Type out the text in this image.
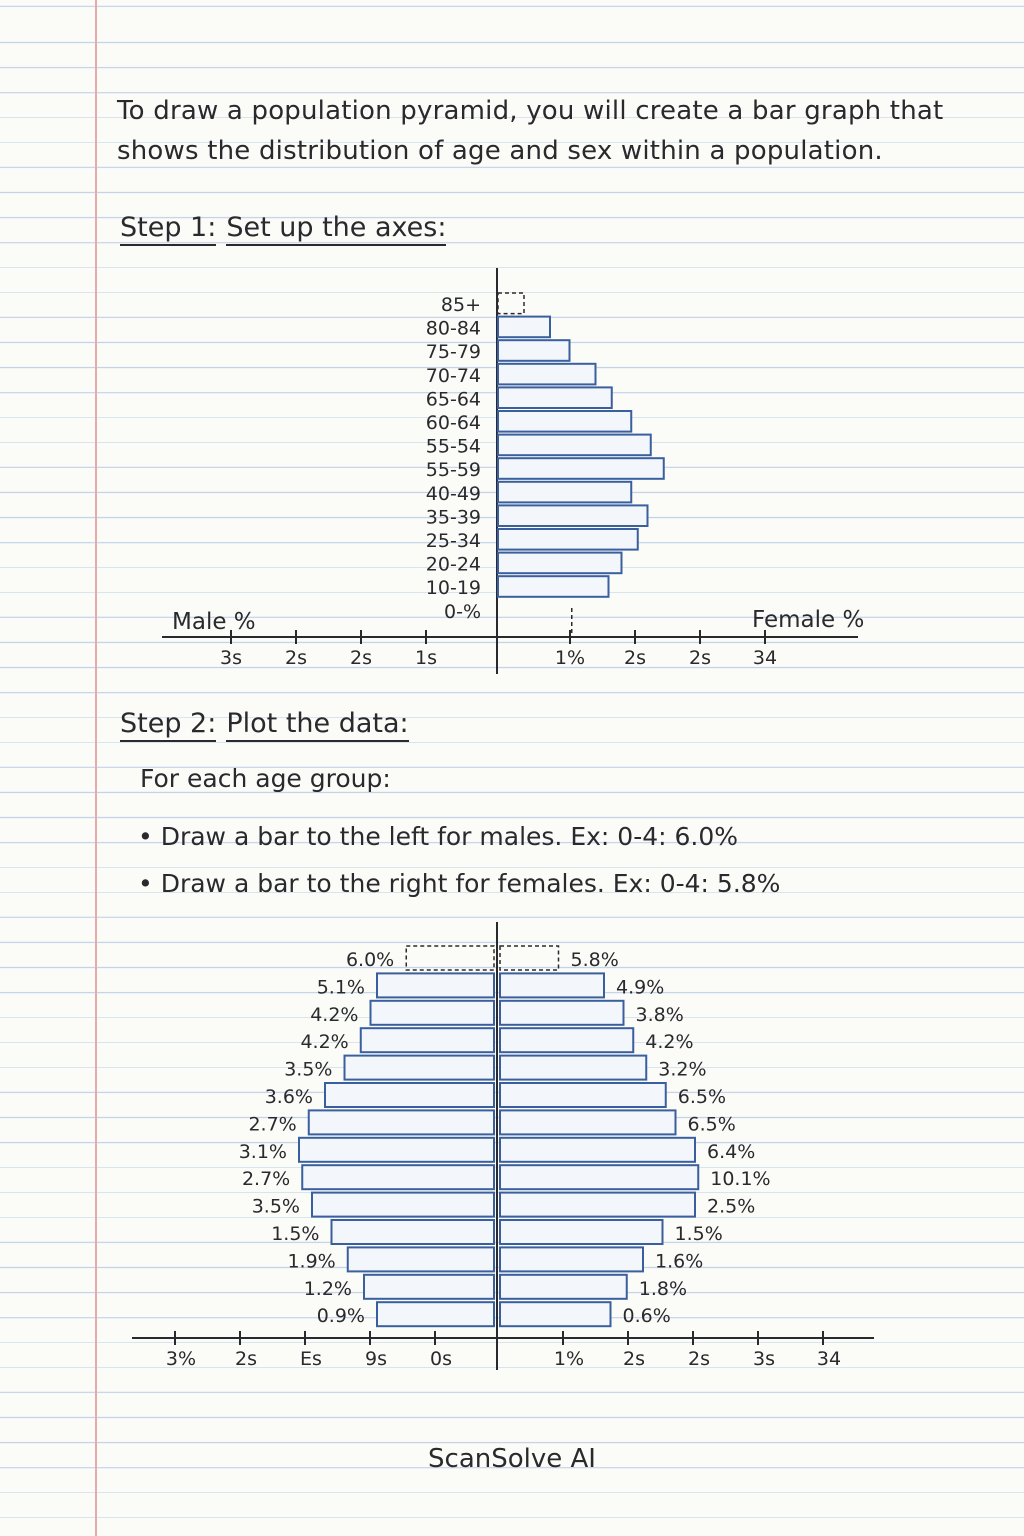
To draw a population pyramid, you will create a bar graph that
shows the distribution of age and sex within a population.
Step 1: Set up the axes:
85+
80-84
75-79
70-74
65-64
60-64
55-54
55-59
40-49
35-39
25-34
20-24
10-19
0-%
Male %	Female %
3ѕ 2ѕ 2ѕ 1ѕ	1% 2ѕ 2ѕ 34
Step 2: Plot the data:
For each age group:
• Draw a bar to the left for males. Ex: 0-4: 6.0%
• Draw a bar to the right for females. Ex: 0-4: 5.8%
6.0%	5.8%
5.1%	4.9%
4.2%	3.8%
4.2%	4.2%
3.5%	3.2%
3.6%	6.5%
2.7%	6.5%
3.1%	6.4%
2.7%	10.1%
3.5%	2.5%
1.5%	1.5%
1.9%	1.6%
1.2%	1.8%
0.9%	0.6%
3% 2ѕ Eѕ 9ѕ 0ѕ	1% 2ѕ 2ѕ 3ѕ 34
ScanSolve AI
